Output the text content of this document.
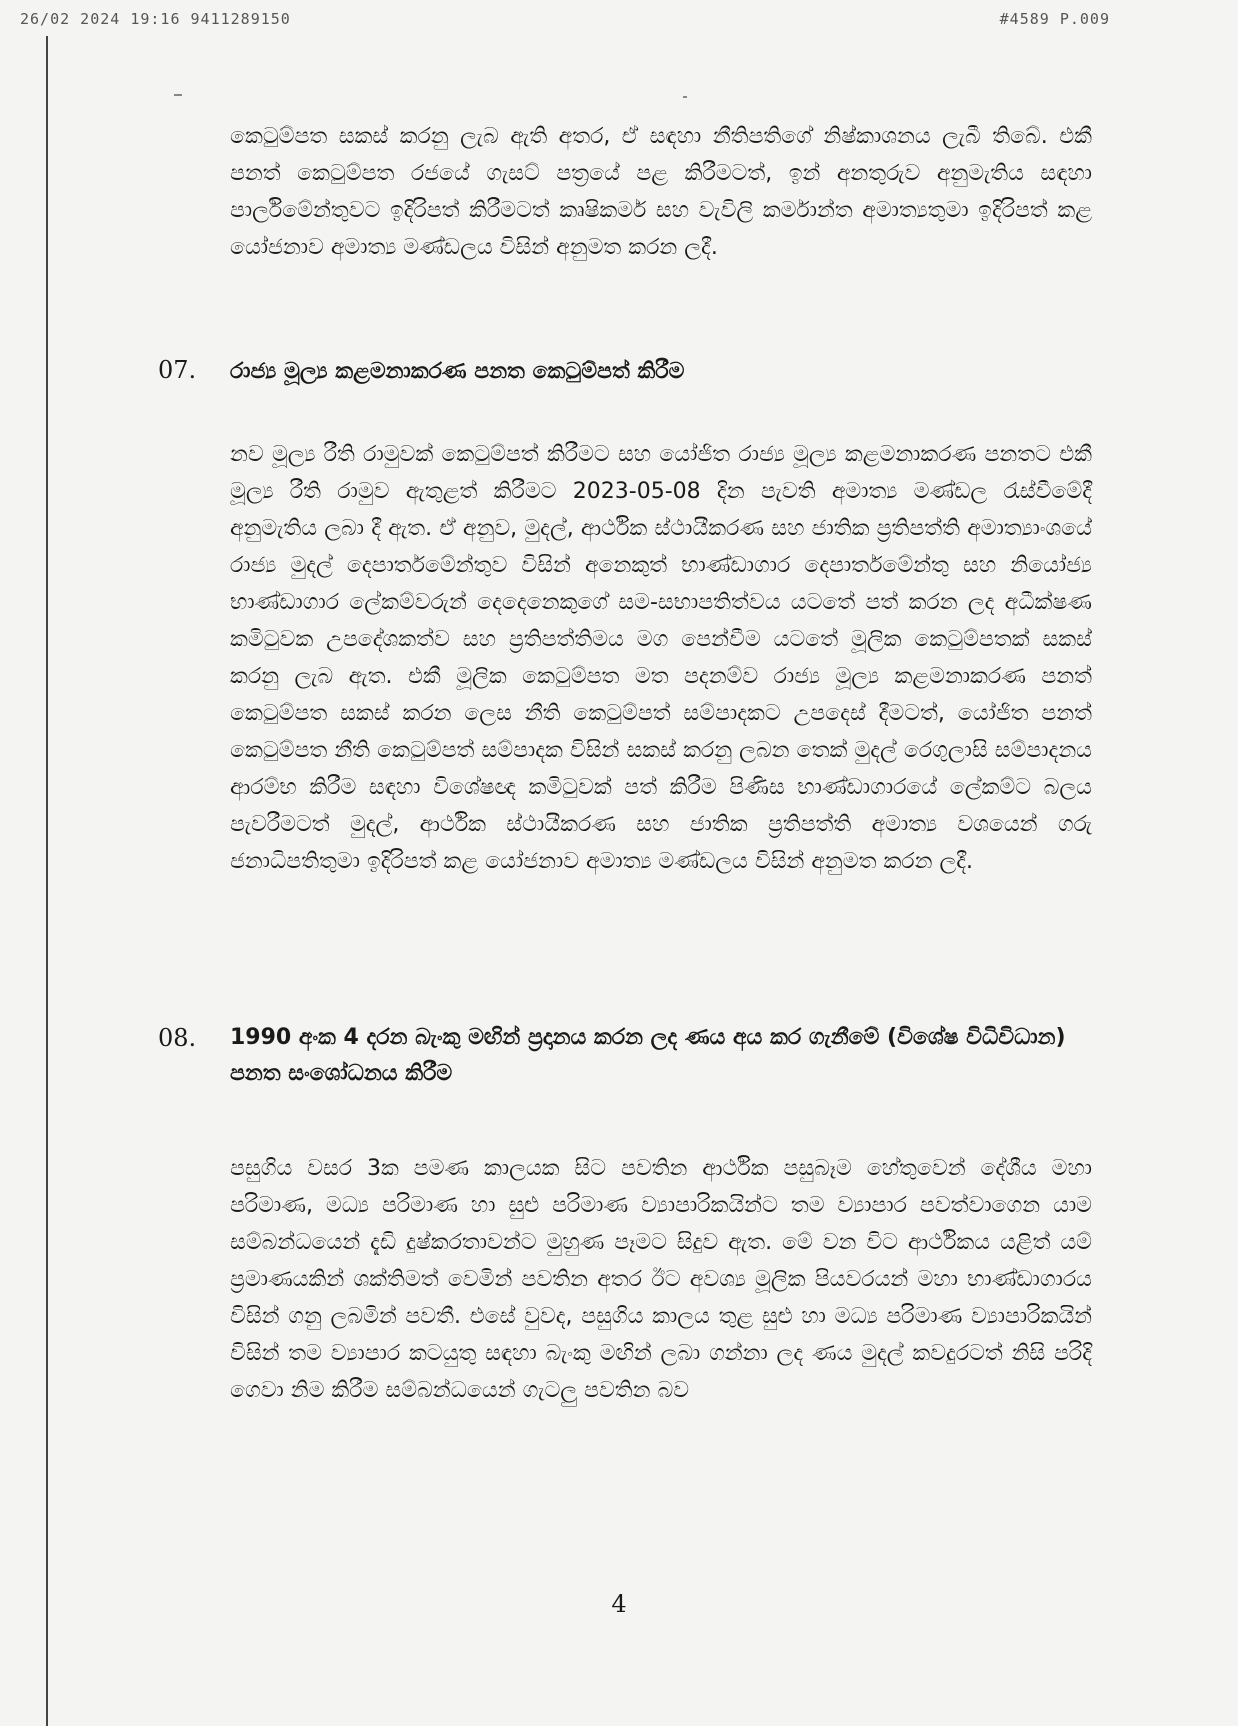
26/02 2024 19:16 9411289150	#4589 P.009

කෙටුම්පත සකස් කරනු ලැබ ඇති අතර, ඒ සඳහා නීතිපතිගේ නිෂ්කාශනය ලැබී තිබේ. එකී පනත් කෙටුම්පත රජයේ ගැසට් පත්‍රයේ පළ කිරීමටත්, ඉන් අනතුරුව අනුමැතිය සඳහා පාර්ලිමේන්තුවට ඉදිරිපත් කිරීමටත් කෘෂිකර්ම සහ වැවිලි කර්මාන්ත අමාත්‍යතුමා ඉදිරිපත් කළ යෝජනාව අමාත්‍ය මණ්ඩලය විසින් අනුමත කරන ලදී.

07. රාජ්‍ය මූල්‍ය කළමනාකරණ පනත කෙටුම්පත් කිරීම

නව මූල්‍ය රීති රාමුවක් කෙටුම්පත් කිරීමට සහ යෝජිත රාජ්‍ය මූල්‍ය කළමනාකරණ පනතට එකී මූල්‍ය රීති රාමුව ඇතුළත් කිරීමට 2023-05-08 දින පැවති අමාත්‍ය මණ්ඩල රැස්වීමේදී අනුමැතිය ලබා දී ඇත. ඒ අනුව, මුදල්, ආර්ථික ස්ථායීකරණ සහ ජාතික ප්‍රතිපත්ති අමාත්‍යාංශයේ රාජ්‍ය මුදල් දෙපාර්තමේන්තුව විසින් අනෙකුත් භාණ්ඩාගාර දෙපාර්තමේන්තු සහ නියෝජ්‍ය භාණ්ඩාගාර ලේකම්වරුන් දෙදෙනෙකුගේ සම-සභාපතිත්වය යටතේ පත් කරන ලද අධීක්ෂණ කමිටුවක උපදේශකත්ව සහ ප්‍රතිපත්තිමය මග පෙන්වීම යටතේ මූලික කෙටුම්පතක් සකස් කරනු ලැබ ඇත. එකී මූලික කෙටුම්පත මත පදනම්ව රාජ්‍ය මූල්‍ය කළමනාකරණ පනත් කෙටුම්පත සකස් කරන ලෙස නීති කෙටුම්පත් සම්පාදකට උපදෙස් දීමටත්, යෝජිත පනත් කෙටුම්පත නීති කෙටුම්පත් සම්පාදක විසින් සකස් කරනු ලබන තෙක් මුදල් රෙගුලාසි සම්පාදනය ආරම්භ කිරීම සඳහා විශේෂඥ කමිටුවක් පත් කිරීම පිණිස භාණ්ඩාගාරයේ ලේකම්ට බලය පැවරීමටත් මුදල්, ආර්ථික ස්ථායීකරණ සහ ජාතික ප්‍රතිපත්ති අමාත්‍ය වශයෙන් ගරු ජනාධිපතිතුමා ඉදිරිපත් කළ යෝජනාව අමාත්‍ය මණ්ඩලය විසින් අනුමත කරන ලදී.

08. 1990 අංක 4 දරන බැංකු මඟින් ප්‍රදානය කරන ලද ණය අය කර ගැනීමේ (විශේෂ විධිවිධාන) පනත සංශෝධනය කිරීම

පසුගිය වසර 3ක පමණ කාලයක සිට පවතින ආර්ථික පසුබෑම හේතුවෙන් දේශීය මහා පරිමාණ, මධ්‍ය පරිමාණ හා සුළු පරිමාණ ව්‍යාපාරිකයින්ට තම ව්‍යාපාර පවත්වාගෙන යාම සම්බන්ධයෙන් දැඩි දුෂ්කරතාවන්ට මුහුණ පෑමට සිදුව ඇත. මේ වන විට ආර්ථිකය යළිත් යම් ප්‍රමාණයකින් ශක්තිමත් වෙමින් පවතින අතර ඊට අවශ්‍ය මූලික පියවරයන් මහා භාණ්ඩාගාරය විසින් ගනු ලබමින් පවතී. එසේ වුවද, පසුගිය කාලය තුළ සුළු හා මධ්‍ය පරිමාණ ව්‍යාපාරිකයින් විසින් තම ව්‍යාපාර කටයුතු සඳහා බැංකු මඟින් ලබා ගන්නා ලද ණය මුදල් කවදුරටත් නිසි පරිදි ගෙවා නිම කිරීම සම්බන්ධයෙන් ගැටලු පවතින බව

4
